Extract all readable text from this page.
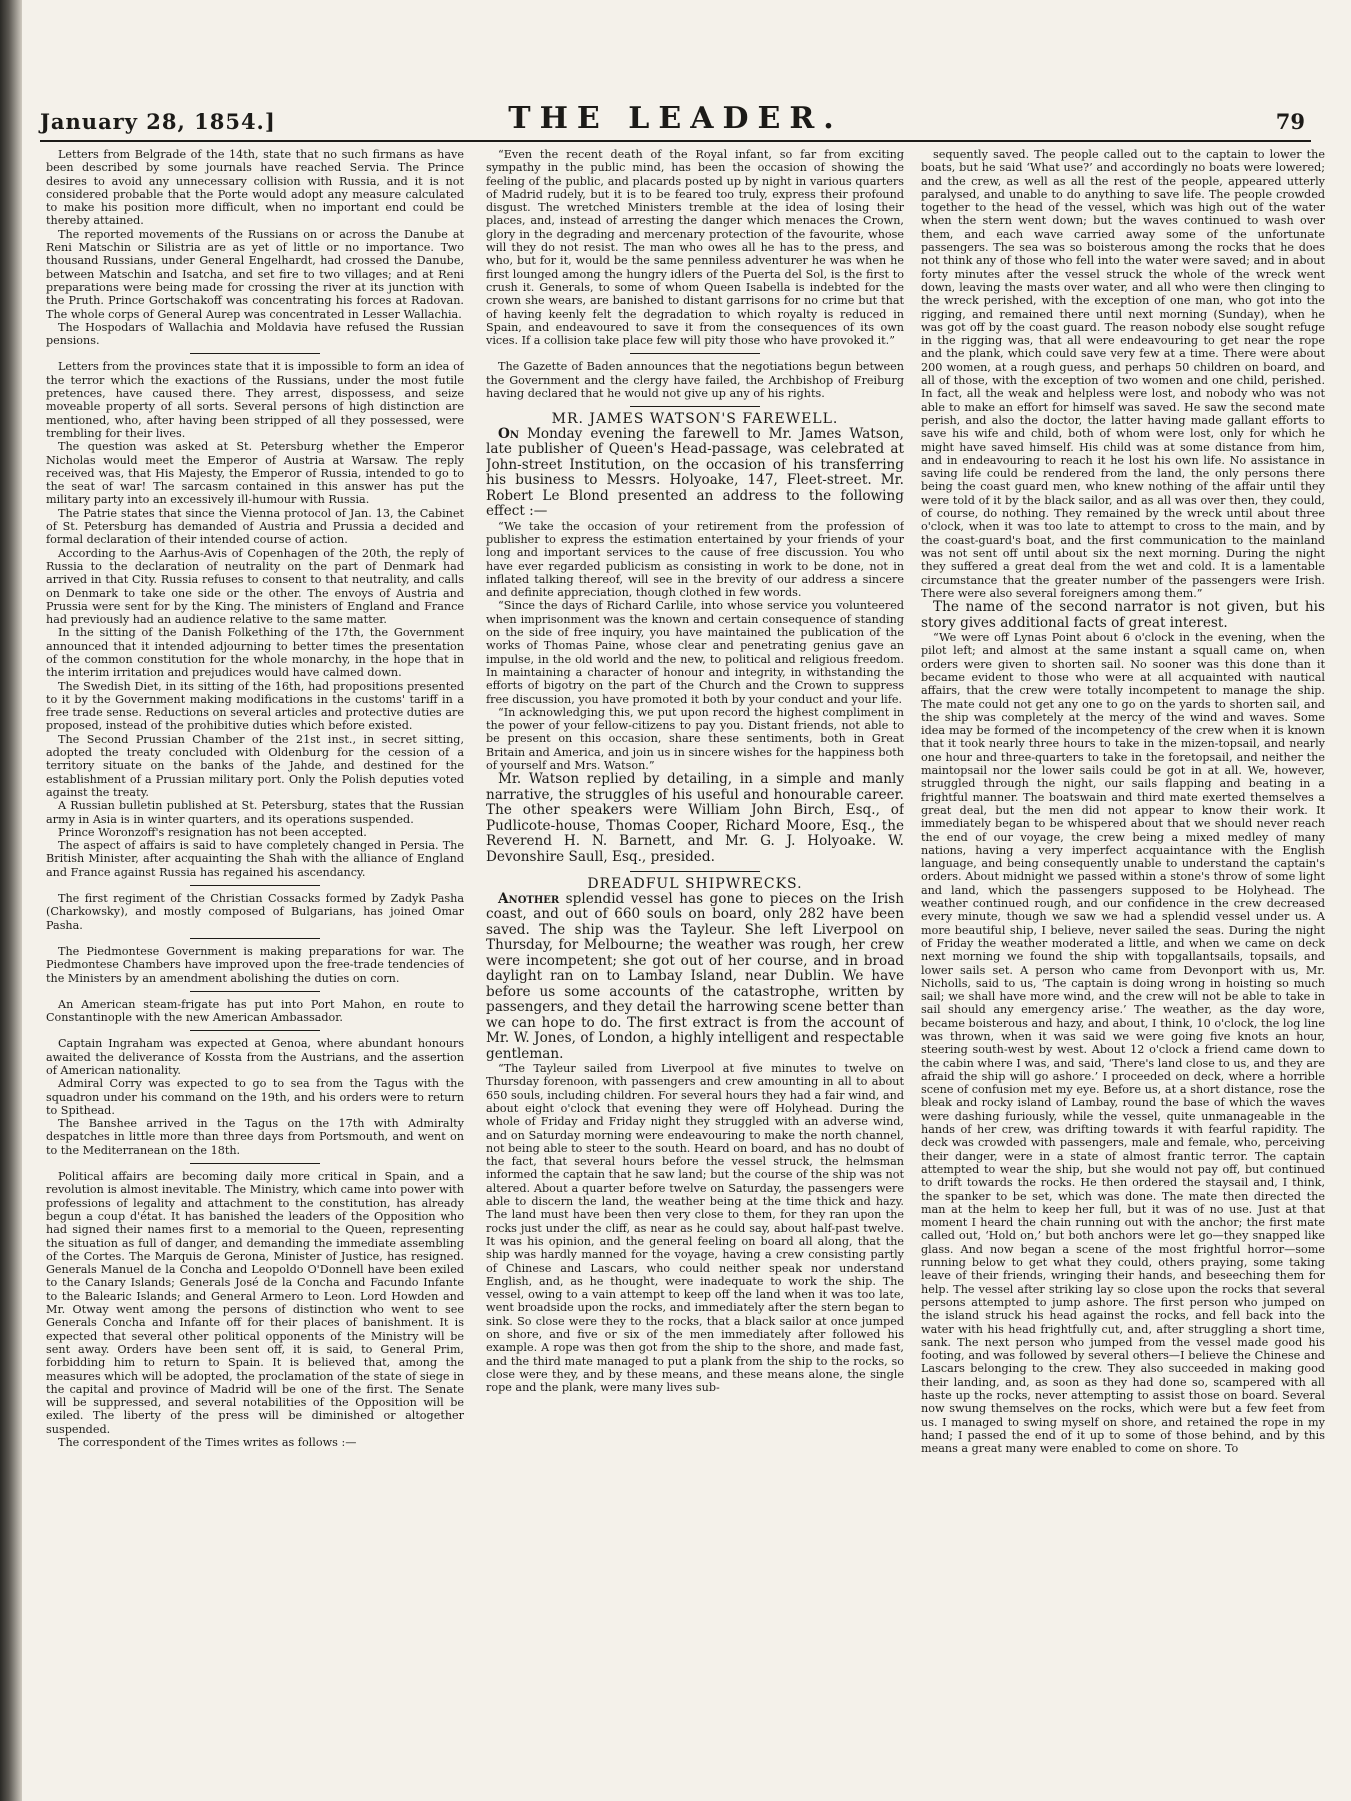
January 28, 1854.]	THE LEADER.	79

Letters from Belgrade of the 14th, state that no such firmans as have been described by some journals have reached Servia. The Prince desires to avoid any unnecessary collision with Russia, and it is not considered probable that the Porte would adopt any measure calculated to make his position more difficult, when no important end could be thereby attained.

The reported movements of the Russians on or across the Danube at Reni Matschin or Silistria are as yet of little or no importance. Two thousand Russians, under General Engelhardt, had crossed the Danube, between Matschin and Isatcha, and set fire to two villages; and at Reni preparations were being made for crossing the river at its junction with the Pruth. Prince Gortschakoff was concentrating his forces at Radovan. The whole corps of General Aurep was concentrated in Lesser Wallachia.

The Hospodars of Wallachia and Moldavia have refused the Russian pensions.

Letters from the provinces state that it is impossible to form an idea of the terror which the exactions of the Russians, under the most futile pretences, have caused there. They arrest, dispossess, and seize moveable property of all sorts. Several persons of high distinction are mentioned, who, after having been stripped of all they possessed, were trembling for their lives.

The question was asked at St. Petersburg whether the Emperor Nicholas would meet the Emperor of Austria at Warsaw. The reply received was, that His Majesty, the Emperor of Russia, intended to go to the seat of war! The sarcasm contained in this answer has put the military party into an excessively ill-humour with Russia.

The Patrie states that since the Vienna protocol of Jan. 13, the Cabinet of St. Petersburg has demanded of Austria and Prussia a decided and formal declaration of their intended course of action.

According to the Aarhus-Avis of Copenhagen of the 20th, the reply of Russia to the declaration of neutrality on the part of Denmark had arrived in that City. Russia refuses to consent to that neutrality, and calls on Denmark to take one side or the other. The envoys of Austria and Prussia were sent for by the King. The ministers of England and France had previously had an audience relative to the same matter.

In the sitting of the Danish Folkething of the 17th, the Government announced that it intended adjourning to better times the presentation of the common constitution for the whole monarchy, in the hope that in the interim irritation and prejudices would have calmed down.

The Swedish Diet, in its sitting of the 16th, had propositions presented to it by the Government making modifications in the customs' tariff in a free trade sense. Reductions on several articles and protective duties are proposed, instead of the prohibitive duties which before existed.

The Second Prussian Chamber of the 21st inst., in secret sitting, adopted the treaty concluded with Oldenburg for the cession of a territory situate on the banks of the Jahde, and destined for the establishment of a Prussian military port. Only the Polish deputies voted against the treaty.

A Russian bulletin published at St. Petersburg, states that the Russian army in Asia is in winter quarters, and its operations suspended.

Prince Woronzoff's resignation has not been accepted.

The aspect of affairs is said to have completely changed in Persia. The British Minister, after acquainting the Shah with the alliance of England and France against Russia has regained his ascendancy.

The first regiment of the Christian Cossacks formed by Zadyk Pasha (Charkowsky), and mostly composed of Bulgarians, has joined Omar Pasha.

The Piedmontese Government is making preparations for war. The Piedmontese Chambers have improved upon the free-trade tendencies of the Ministers by an amendment abolishing the duties on corn.

An American steam-frigate has put into Port Mahon, en route to Constantinople with the new American Ambassador.

Captain Ingraham was expected at Genoa, where abundant honours awaited the deliverance of Kossta from the Austrians, and the assertion of American nationality.

Admiral Corry was expected to go to sea from the Tagus with the squadron under his command on the 19th, and his orders were to return to Spithead.

The Banshee arrived in the Tagus on the 17th with Admiralty despatches in little more than three days from Portsmouth, and went on to the Mediterranean on the 18th.

Political affairs are becoming daily more critical in Spain, and a revolution is almost inevitable. The Ministry, which came into power with professions of legality and attachment to the constitution, has already begun a coup d'état. It has banished the leaders of the Opposition who had signed their names first to a memorial to the Queen, representing the situation as full of danger, and demanding the immediate assembling of the Cortes. The Marquis de Gerona, Minister of Justice, has resigned. Generals Manuel de la Concha and Leopoldo O'Donnell have been exiled to the Canary Islands; Generals José de la Concha and Facundo Infante to the Balearic Islands; and General Armero to Leon. Lord Howden and Mr. Otway went among the persons of distinction who went to see Generals Concha and Infante off for their places of banishment. It is expected that several other political opponents of the Ministry will be sent away. Orders have been sent off, it is said, to General Prim, forbidding him to return to Spain. It is believed that, among the measures which will be adopted, the proclamation of the state of siege in the capital and province of Madrid will be one of the first. The Senate will be suppressed, and several notabilities of the Opposition will be exiled. The liberty of the press will be diminished or altogether suspended.

The correspondent of the Times writes as follows :—

“Even the recent death of the Royal infant, so far from exciting sympathy in the public mind, has been the occasion of showing the feeling of the public, and placards posted up by night in various quarters of Madrid rudely, but it is to be feared too truly, express their profound disgust. The wretched Ministers tremble at the idea of losing their places, and, instead of arresting the danger which menaces the Crown, glory in the degrading and mercenary protection of the favourite, whose will they do not resist. The man who owes all he has to the press, and who, but for it, would be the same penniless adventurer he was when he first lounged among the hungry idlers of the Puerta del Sol, is the first to crush it. Generals, to some of whom Queen Isabella is indebted for the crown she wears, are banished to distant garrisons for no crime but that of having keenly felt the degradation to which royalty is reduced in Spain, and endeavoured to save it from the consequences of its own vices. If a collision take place few will pity those who have provoked it.”

The Gazette of Baden announces that the negotiations begun between the Government and the clergy have failed, the Archbishop of Freiburg having declared that he would not give up any of his rights.

MR. JAMES WATSON'S FAREWELL.

On Monday evening the farewell to Mr. James Watson, late publisher of Queen's Head-passage, was celebrated at John-street Institution, on the occasion of his transferring his business to Messrs. Holyoake, 147, Fleet-street. Mr. Robert Le Blond presented an address to the following effect :—

“We take the occasion of your retirement from the profession of publisher to express the estimation entertained by your friends of your long and important services to the cause of free discussion. You who have ever regarded publicism as consisting in work to be done, not in inflated talking thereof, will see in the brevity of our address a sincere and definite appreciation, though clothed in few words.

“Since the days of Richard Carlile, into whose service you volunteered when imprisonment was the known and certain consequence of standing on the side of free inquiry, you have maintained the publication of the works of Thomas Paine, whose clear and penetrating genius gave an impulse, in the old world and the new, to political and religious freedom. In maintaining a character of honour and integrity, in withstanding the efforts of bigotry on the part of the Church and the Crown to suppress free discussion, you have promoted it both by your conduct and your life.

“In acknowledging this, we put upon record the highest compliment in the power of your fellow-citizens to pay you. Distant friends, not able to be present on this occasion, share these sentiments, both in Great Britain and America, and join us in sincere wishes for the happiness both of yourself and Mrs. Watson.”

Mr. Watson replied by detailing, in a simple and manly narrative, the struggles of his useful and honourable career. The other speakers were William John Birch, Esq., of Pudlicote-house, Thomas Cooper, Richard Moore, Esq., the Reverend H. N. Barnett, and Mr. G. J. Holyoake. W. Devonshire Saull, Esq., presided.

DREADFUL SHIPWRECKS.

Another splendid vessel has gone to pieces on the Irish coast, and out of 660 souls on board, only 282 have been saved. The ship was the Tayleur. She left Liverpool on Thursday, for Melbourne; the weather was rough, her crew were incompetent; she got out of her course, and in broad daylight ran on to Lambay Island, near Dublin. We have before us some accounts of the catastrophe, written by passengers, and they detail the harrowing scene better than we can hope to do. The first extract is from the account of Mr. W. Jones, of London, a highly intelligent and respectable gentleman.

“The Tayleur sailed from Liverpool at five minutes to twelve on Thursday forenoon, with passengers and crew amounting in all to about 650 souls, including children. For several hours they had a fair wind, and about eight o'clock that evening they were off Holyhead. During the whole of Friday and Friday night they struggled with an adverse wind, and on Saturday morning were endeavouring to make the north channel, not being able to steer to the south. Heard on board, and has no doubt of the fact, that several hours before the vessel struck, the helmsman informed the captain that he saw land; but the course of the ship was not altered. About a quarter before twelve on Saturday, the passengers were able to discern the land, the weather being at the time thick and hazy. The land must have been then very close to them, for they ran upon the rocks just under the cliff, as near as he could say, about half-past twelve. It was his opinion, and the general feeling on board all along, that the ship was hardly manned for the voyage, having a crew consisting partly of Chinese and Lascars, who could neither speak nor understand English, and, as he thought, were inadequate to work the ship. The vessel, owing to a vain attempt to keep off the land when it was too late, went broadside upon the rocks, and immediately after the stern began to sink. So close were they to the rocks, that a black sailor at once jumped on shore, and five or six of the men immediately after followed his example. A rope was then got from the ship to the shore, and made fast, and the third mate managed to put a plank from the ship to the rocks, so close were they, and by these means, and these means alone, the single rope and the plank, were many lives sub-

sequently saved. The people called out to the captain to lower the boats, but he said ‘What use?’ and accordingly no boats were lowered; and the crew, as well as all the rest of the people, appeared utterly paralysed, and unable to do anything to save life. The people crowded together to the head of the vessel, which was high out of the water when the stern went down; but the waves continued to wash over them, and each wave carried away some of the unfortunate passengers. The sea was so boisterous among the rocks that he does not think any of those who fell into the water were saved; and in about forty minutes after the vessel struck the whole of the wreck went down, leaving the masts over water, and all who were then clinging to the wreck perished, with the exception of one man, who got into the rigging, and remained there until next morning (Sunday), when he was got off by the coast guard. The reason nobody else sought refuge in the rigging was, that all were endeavouring to get near the rope and the plank, which could save very few at a time. There were about 200 women, at a rough guess, and perhaps 50 children on board, and all of those, with the exception of two women and one child, perished. In fact, all the weak and helpless were lost, and nobody who was not able to make an effort for himself was saved. He saw the second mate perish, and also the doctor, the latter having made gallant efforts to save his wife and child, both of whom were lost, only for which he might have saved himself. His child was at some distance from him, and in endeavouring to reach it he lost his own life. No assistance in saving life could be rendered from the land, the only persons there being the coast guard men, who knew nothing of the affair until they were told of it by the black sailor, and as all was over then, they could, of course, do nothing. They remained by the wreck until about three o'clock, when it was too late to attempt to cross to the main, and by the coast-guard's boat, and the first communication to the mainland was not sent off until about six the next morning. During the night they suffered a great deal from the wet and cold. It is a lamentable circumstance that the greater number of the passengers were Irish. There were also several foreigners among them.”

The name of the second narrator is not given, but his story gives additional facts of great interest.

“We were off Lynas Point about 6 o'clock in the evening, when the pilot left; and almost at the same instant a squall came on, when orders were given to shorten sail. No sooner was this done than it became evident to those who were at all acquainted with nautical affairs, that the crew were totally incompetent to manage the ship. The mate could not get any one to go on the yards to shorten sail, and the ship was completely at the mercy of the wind and waves. Some idea may be formed of the incompetency of the crew when it is known that it took nearly three hours to take in the mizen-topsail, and nearly one hour and three-quarters to take in the foretopsail, and neither the maintopsail nor the lower sails could be got in at all. We, however, struggled through the night, our sails flapping and beating in a frightful manner. The boatswain and third mate exerted themselves a great deal, but the men did not appear to know their work. It immediately began to be whispered about that we should never reach the end of our voyage, the crew being a mixed medley of many nations, having a very imperfect acquaintance with the English language, and being consequently unable to understand the captain's orders. About midnight we passed within a stone's throw of some light and land, which the passengers supposed to be Holyhead. The weather continued rough, and our confidence in the crew decreased every minute, though we saw we had a splendid vessel under us. A more beautiful ship, I believe, never sailed the seas. During the night of Friday the weather moderated a little, and when we came on deck next morning we found the ship with topgallantsails, topsails, and lower sails set. A person who came from Devonport with us, Mr. Nicholls, said to us, ‘The captain is doing wrong in hoisting so much sail; we shall have more wind, and the crew will not be able to take in sail should any emergency arise.’ The weather, as the day wore, became boisterous and hazy, and about, I think, 10 o'clock, the log line was thrown, when it was said we were going five knots an hour, steering south-west by west. About 12 o'clock a friend came down to the cabin where I was, and said, ‘There's land close to us, and they are afraid the ship will go ashore.’ I proceeded on deck, where a horrible scene of confusion met my eye. Before us, at a short distance, rose the bleak and rocky island of Lambay, round the base of which the waves were dashing furiously, while the vessel, quite unmanageable in the hands of her crew, was drifting towards it with fearful rapidity. The deck was crowded with passengers, male and female, who, perceiving their danger, were in a state of almost frantic terror. The captain attempted to wear the ship, but she would not pay off, but continued to drift towards the rocks. He then ordered the staysail and, I think, the spanker to be set, which was done. The mate then directed the man at the helm to keep her full, but it was of no use. Just at that moment I heard the chain running out with the anchor; the first mate called out, ‘Hold on,’ but both anchors were let go—they snapped like glass. And now began a scene of the most frightful horror—some running below to get what they could, others praying, some taking leave of their friends, wringing their hands, and beseeching them for help. The vessel after striking lay so close upon the rocks that several persons attempted to jump ashore. The first person who jumped on the island struck his head against the rocks, and fell back into the water with his head frightfully cut, and, after struggling a short time, sank. The next person who jumped from the vessel made good his footing, and was followed by several others—I believe the Chinese and Lascars belonging to the crew. They also succeeded in making good their landing, and, as soon as they had done so, scampered with all haste up the rocks, never attempting to assist those on board. Several now swung themselves on the rocks, which were but a few feet from us. I managed to swing myself on shore, and retained the rope in my hand; I passed the end of it up to some of those behind, and by this means a great many were enabled to come on shore. To
